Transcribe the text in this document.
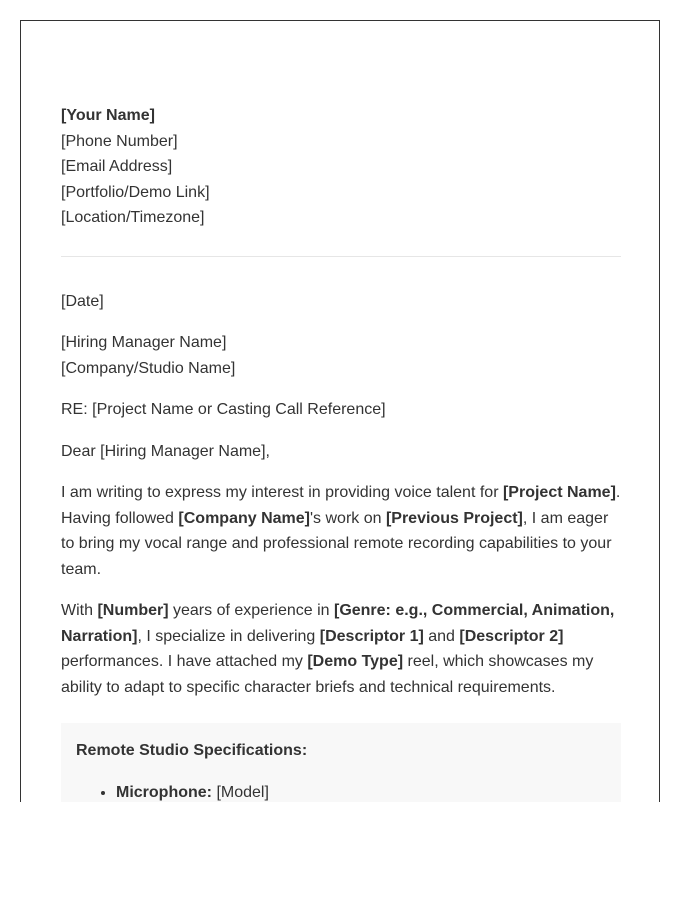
[Your Name]
[Phone Number]
[Email Address]
[Portfolio/Demo Link]
[Location/Timezone]
[Date]
[Hiring Manager Name]
[Company/Studio Name]
RE: [Project Name or Casting Call Reference]
Dear [Hiring Manager Name],

I am writing to express my interest in providing voice talent for [Project Name]. Having followed [Company Name]'s work on [Previous Project], I am eager to bring my vocal range and professional remote recording capabilities to your team.

With [Number] years of experience in [Genre: e.g., Commercial, Animation, Narration], I specialize in delivering [Descriptor 1] and [Descriptor 2] performances. I have attached my [Demo Type] reel, which showcases my ability to adapt to specific character briefs and technical requirements.

Remote Studio Specifications:
• Microphone: [Model]
